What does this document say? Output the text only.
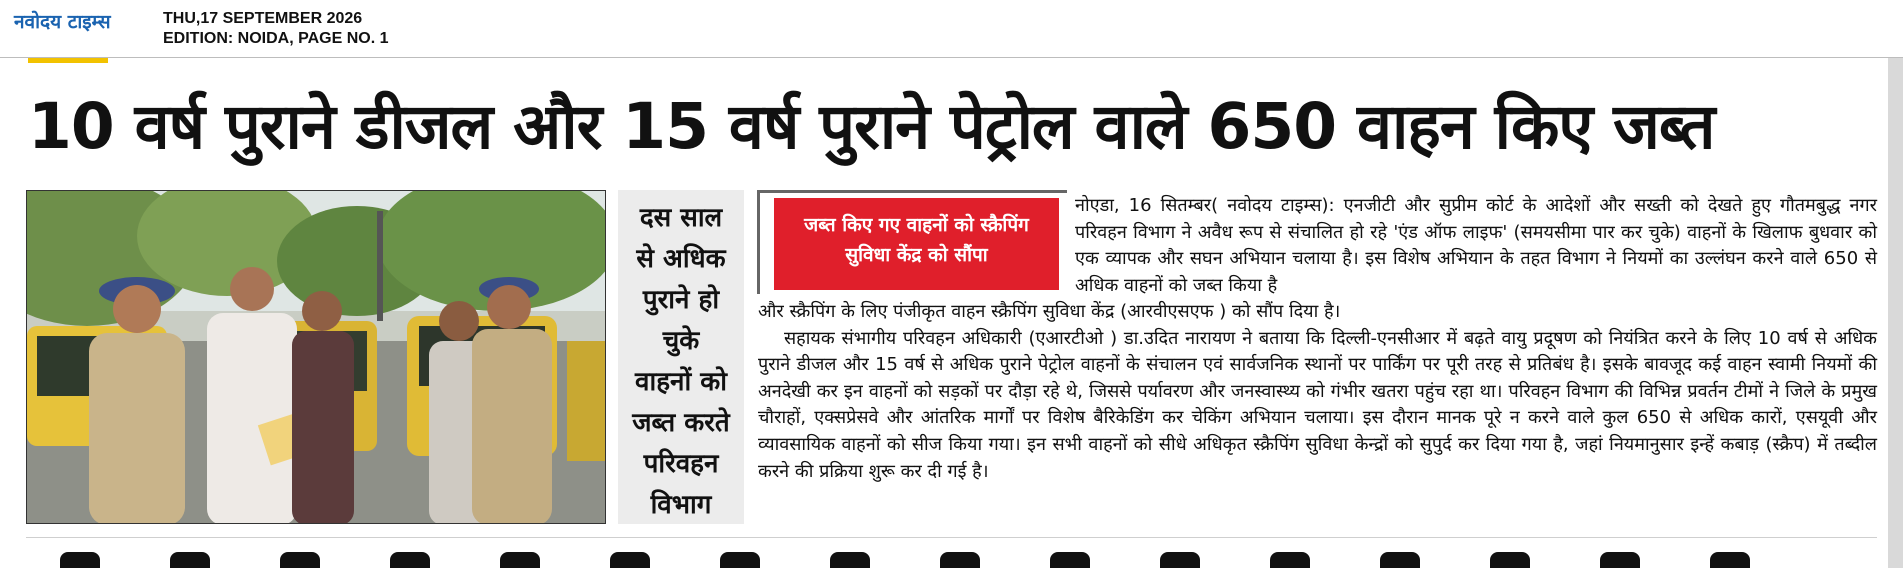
नवोदय टाइम्स	THU,17 SEPTEMBER 2026
EDITION: NOIDA, PAGE NO. 1
10 वर्ष पुराने डीजल और 15 वर्ष पुराने पेट्रोल वाले 650 वाहन किए जब्त
दस साल
से अधिक
पुराने हो
चुके
वाहनों को
जब्त करते
परिवहन
विभाग
जब्त किए गए वाहनों को स्क्रैपिंग
सुविधा केंद्र को सौंपा

नोएडा, 16 सितम्बर( नवोदय टाइम्स): एनजीटी और सुप्रीम कोर्ट के आदेशों और सख्ती को देखते हुए गौतमबुद्ध नगर परिवहन विभाग ने अवैध रूप से संचालित हो रहे 'एंड ऑफ लाइफ' (समयसीमा पार कर चुके) वाहनों के खिलाफ बुधवार को एक व्यापक और सघन अभियान चलाया है। इस विशेष अभियान के तहत विभाग ने नियमों का उल्लंघन करने वाले 650 से अधिक वाहनों को जब्त किया है

और स्क्रैपिंग के लिए पंजीकृत वाहन स्क्रैपिंग सुविधा केंद्र (आरवीएसएफ ) को सौंप दिया है।
सहायक संभागीय परिवहन अधिकारी (एआरटीओ ) डा.उदित नारायण ने बताया कि दिल्ली-एनसीआर में बढ़ते वायु प्रदूषण को नियंत्रित करने के लिए 10 वर्ष से अधिक पुराने डीजल और 15 वर्ष से अधिक पुराने पेट्रोल वाहनों के संचालन एवं सार्वजनिक स्थानों पर पार्किंग पर पूरी तरह से प्रतिबंध है। इसके बावजूद कई वाहन स्वामी नियमों की अनदेखी कर इन वाहनों को सड़कों पर दौड़ा रहे थे, जिससे पर्यावरण और जनस्वास्थ्य को गंभीर खतरा पहुंच रहा था। परिवहन विभाग की विभिन्न प्रवर्तन टीमों ने जिले के प्रमुख चौराहों, एक्सप्रेसवे और आंतरिक मार्गों पर विशेष बैरिकेडिंग कर चेकिंग अभियान चलाया। इस दौरान मानक पूरे न करने वाले कुल 650 से अधिक कारों, एसयूवी और व्यावसायिक वाहनों को सीज किया गया। इन सभी वाहनों को सीधे अधिकृत स्क्रैपिंग सुविधा केन्द्रों को सुपुर्द कर दिया गया है, जहां नियमानुसार इन्हें कबाड़ (स्क्रैप) में तब्दील करने की प्रक्रिया शुरू कर दी गई है।
